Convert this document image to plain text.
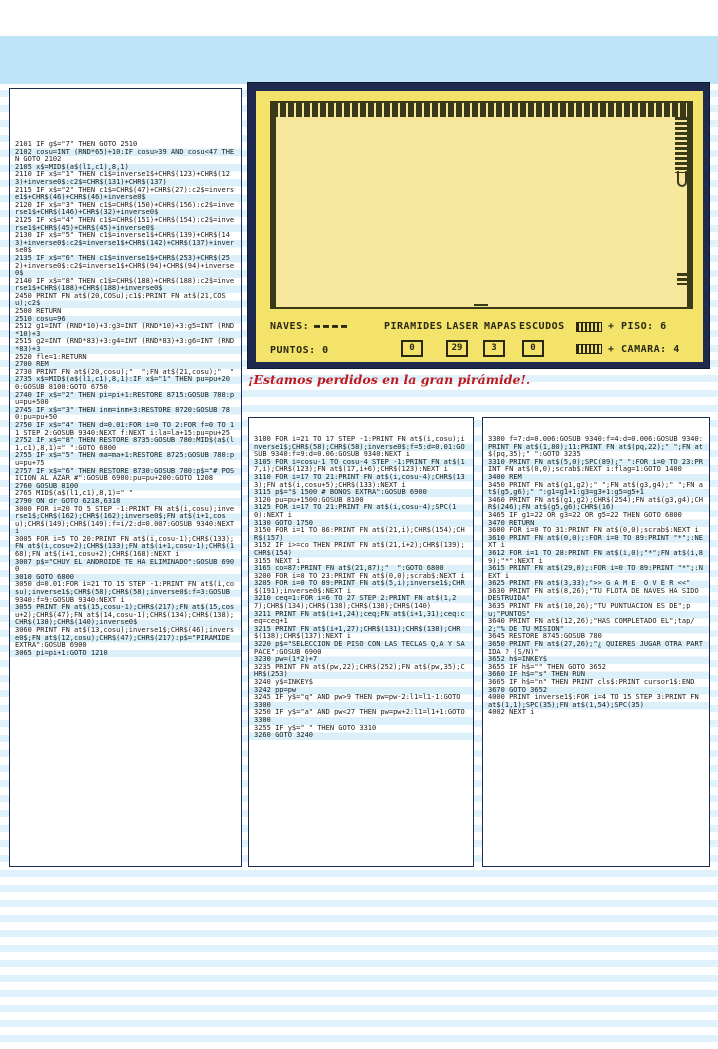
2101 IF g$="7" THEN GOTO 2510
2102 cosu=INT (RND*65)+10:IF cosu>39 AND cosu<47 THEN GOTO 2102
2105 x$=MID$(a$(l1,c1),8,1)
2110 IF x$="1" THEN c1$=inverse1$+CHR$(123)+CHR$(123)+inverse0$:c2$=CHR$(131)+CHR$(137)
2115 IF x$="2" THEN c1$=CHR$(47)+CHR$(27):c2$=inverse1$+CHR$(46)+CHR$(46)+inverse0$
2120 IF x$="3" THEN c1$=CHR$(150)+CHR$(156):c2$=inverse1$+CHR$(146)+CHR$(32)+inverse0$
2125 IF x$="4" THEN c1$=CHR$(151)+CHR$(154):c2$=inverse1$+CHR$(45)+CHR$(45)+inverse0$
2130 IF x$="5" THEN c1$=inverse1$+CHR$(139)+CHR$(143)+inverse0$:c2$=inverse1$+CHR$(142)+CHR$(137)+inverse0$
2135 IF x$="6" THEN c1$=inverse1$+CHR$(253)+CHR$(252)+inverse0$:c2$=inverse1$+CHR$(94)+CHR$(94)+inverse0$
2140 IF x$="8" THEN c1$=CHR$(188)+CHR$(188):c2$=inverse1$+CHR$(188)+CHR$(188)+inverse0$
2450 PRINT FN at$(20,COSu);c1$:PRINT FN at$(21,COSu);c2$
2500 RETURN
2510 cosu=96
2512 g1=INT (RND*10)+3:g3=INT (RND*10)+3:g5=INT (RND*10)+3
2515 g2=INT (RND*83)+3:g4=INT (RND*83)+3:g6=INT (RND*83)+3
2520 fle=1:RETURN
2700 REM
2730 PRINT FN at$(20,cosu);"  ";FN at$(21,cosu);"  "
2735 x$=MID$(a$(l1,c1),8,1):IF x$="1" THEN pu=pu+200:GOSUB 8100:GOTO 6750
2740 IF x$="2" THEN pi=pi+1:RESTORE 8715:GOSUB 780:pu=pu+500
2745 IF x$="3" THEN inm=inm+3:RESTORE 8720:GOSUB 780:pu=pu+50
2750 IF x$="4" THEN d=0.01:FOR i=0 TO 2:FOR f=0 TO 11 STEP 2:GOSUB 9340:NEXT f:NEXT i:la=la+15:pu=pu+25
2752 IF x$="8" THEN RESTORE 8735:GOSUB 780:MID$(a$(l1,c1),8,1)=" ":GOTO 6800
2755 IF x$="5" THEN ma=ma+1:RESTORE 8725:GOSUB 780:pu=pu+75
2757 IF x$="6" THEN RESTORE 8730:GOSUB 780:p$="# POSICION AL AZAR #":GOSUB 6900:pu=pu+200:GOTO 1208
2760 GOSUB 8100
2765 MID$(a$(l1,c1),8,1)=" "
2790 ON dr GOTO 6218,6318
3000 FOR i=20 TO 5 STEP -1:PRINT FN at$(i,cosu);inverse1$;CHR$(162);CHR$(162);inverse0$;FN at$(i+1,cosu);CHR$(149);CHR$(149):f=i/2:d=0.007:GOSUB 9340:NEXT i
3005 FOR i=5 TO 20:PRINT FN at$(i,cosu-1);CHR$(133);FN at$(i,cosu+2);CHR$(133);FN at$(i+1,cosu-1);CHR$(168);FN at$(i+1,cosu+2);CHR$(168):NEXT i
3007 p$="CHUY EL ANDROIDE TE HA ELIMINADO":GOSUB 6900
3010 GOTO 6800
3050 d=0.01:FOR i=21 TO 15 STEP -1:PRINT FN at$(i,cosu);inverse1$;CHR$(58);CHR$(58);inverse0$:f=3:GOSUB 9340:f=9:GOSUB 9340:NEXT i
3055 PRINT FN at$(15,cosu-1);CHR$(217);FN at$(15,cosu+2);CHR$(47);FN at$(14,cosu-1);CHR$(134);CHR$(138);CHR$(138);CHR$(140);inverse0$
3060 PRINT FN at$(13,cosu);inverse1$;CHR$(46);inverse0$;FN at$(12,cosu);CHR$(47);CHR$(217):p$="PIRAMIDE EXTRA":GOSUB 6900
3065 pi=pi+1:GOTO 1210
NAVES: ▬▬▬▬	PIRAMIDES LASER MAPAS ESCUDOS	+ PISO: 6
PUNTOS: 0	0	29	3	0	+ CAMARA: 4
¡Estamos perdidos en la gran pirámide!.
3100 FOR i=21 TO 17 STEP -1:PRINT FN at$(i,cosu);inverse1$;CHR$(58);CHR$(58);inverse0$:f=5:d=0.01:GOSUB 9340:f=9:d=0.06:GOSUB 9340:NEXT i
3105 FOR i=cosu-1 TO cosu-4 STEP -1:PRINT FN at$(17,i);CHR$(123);FN at$(17,i+6);CHR$(123):NEXT i
3110 FOR i=17 TO 21:PRINT FN at$(i,cosu-4);CHR$(133);FN at$(i,cosu+5);CHR$(133):NEXT i
3115 p$="$ 1500 # BONOS EXTRA":GOSUB 6900
3120 pu=pu+1500:GOSUB 8100
3125 FOR i=17 TO 21:PRINT FN at$(i,cosu-4);SPC(10):NEXT i
3130 GOTO 1750
3150 FOR i=1 TO 86:PRINT FN at$(21,i);CHR$(154);CHR$(157)
3152 IF i>=co THEN PRINT FN at$(21,i+2);CHR$(139);CHR$(154)
3155 NEXT i
3165 co=87:PRINT FN at$(21,87);"  ":GOTO 6800
3200 FOR i=0 TO 23:PRINT FN at$(0,0);scrab$:NEXT i
3205 FOR i=0 TO 89:PRINT FN at$(5,i);inverse1$;CHR$(191);inverse0$:NEXT i
3210 ceq=1:FOR i=6 TO 27 STEP 2:PRINT FN at$(1,27);CHR$(134);CHR$(138);CHR$(138);CHR$(140)
3211 PRINT FN at$(i+1,24);ceq;FN at$(i+1,31);ceq:ceq=ceq+1
3215 PRINT FN at$(i+1,27);CHR$(131);CHR$(138);CHR$(138);CHR$(137):NEXT i
3220 p$="SELECCION DE PISO CON LAS TECLAS Q,A Y SAPACE":GOSUB 6900
3230 pw=(1*2)+7
3235 PRINT FN at$(pw,22);CHR$(252);FN at$(pw,35);CHR$(253)
3240 y$=INKEY$
3242 pp=pw
3245 IF y$="q" AND pw>9 THEN pw=pw-2:l1=l1-1:GOTO 3300
3250 IF y$="a" AND pw<27 THEN pw=pw+2:l1=l1+1:GOTO 3300
3255 IF y$=" " THEN GOTO 3310
3260 GOTO 3240
3300 f=7:d=0.006:GOSUB 9340:f=4:d=0.006:GOSUB 9340:PRINT FN at$(1,80);11:PRINT FN at$(pq,22);" ";FN at$(pq,35);" ":GOTO 3235
3310 PRINT FN at$(5,0);SPC(89);" ":FOR i=0 TO 23:PRINT FN at$(0,0);scrab$:NEXT i:flag=1:GOTO 1400
3400 REM
3450 PRINT FN at$(g1,g2);" ";FN at$(g3,g4);" ";FN at$(g5,g6);" ":g1=g1+1:g3=g3+1:g5=g5+1
3460 PRINT FN at$(g1,g2);CHR$(254);FN at$(g3,g4);CHR$(246);FN at$(g5,g6);CHR$(16)
3465 IF g1=22 OR g3=22 OR g5=22 THEN GOTO 6800
3470 RETURN
3600 FOR i=0 TO 31:PRINT FN at$(0,0);scrab$:NEXT i
3610 PRINT FN at$(0,0);:FOR i=0 TO 89:PRINT "*";:NEXT i
3612 FOR i=1 TO 28:PRINT FN at$(i,0);"*";FN at$(i,89);"*":NEXT i
3615 PRINT FN at$(29,0);:FOR i=0 TO 89:PRINT "*";:NEXT i
3625 PRINT FN at$(3,33);">> G A M E  O V E R <<"
3630 PRINT FN at$(8,26);"TU FLOTA DE NAVES HA SIDO DESTRUIDA"
3635 PRINT FN at$(10,26);"TU PUNTUACION ES DE";pu;"PUNTOS"
3640 PRINT FN at$(12,26);"HAS COMPLETADO EL";tap/2;"% DE TU MISION"
3645 RESTORE 8745:GOSUB 780
3650 PRINT FN at$(27,26);"¿ QUIERES JUGAR OTRA PARTIDA ? (S/N)"
3652 h$=INKEY$
3655 IF h$="" THEN GOTO 3652
3660 IF h$="s" THEN RUN
3665 IF h$="n" THEN PRINT cls$:PRINT cursor1$:END
3670 GOTO 3652
4000 PRINT inverse1$:FOR i=4 TO 15 STEP 3:PRINT FN at$(1,1);SPC(35);FN at$(1,54);SPC(35)
4002 NEXT i
